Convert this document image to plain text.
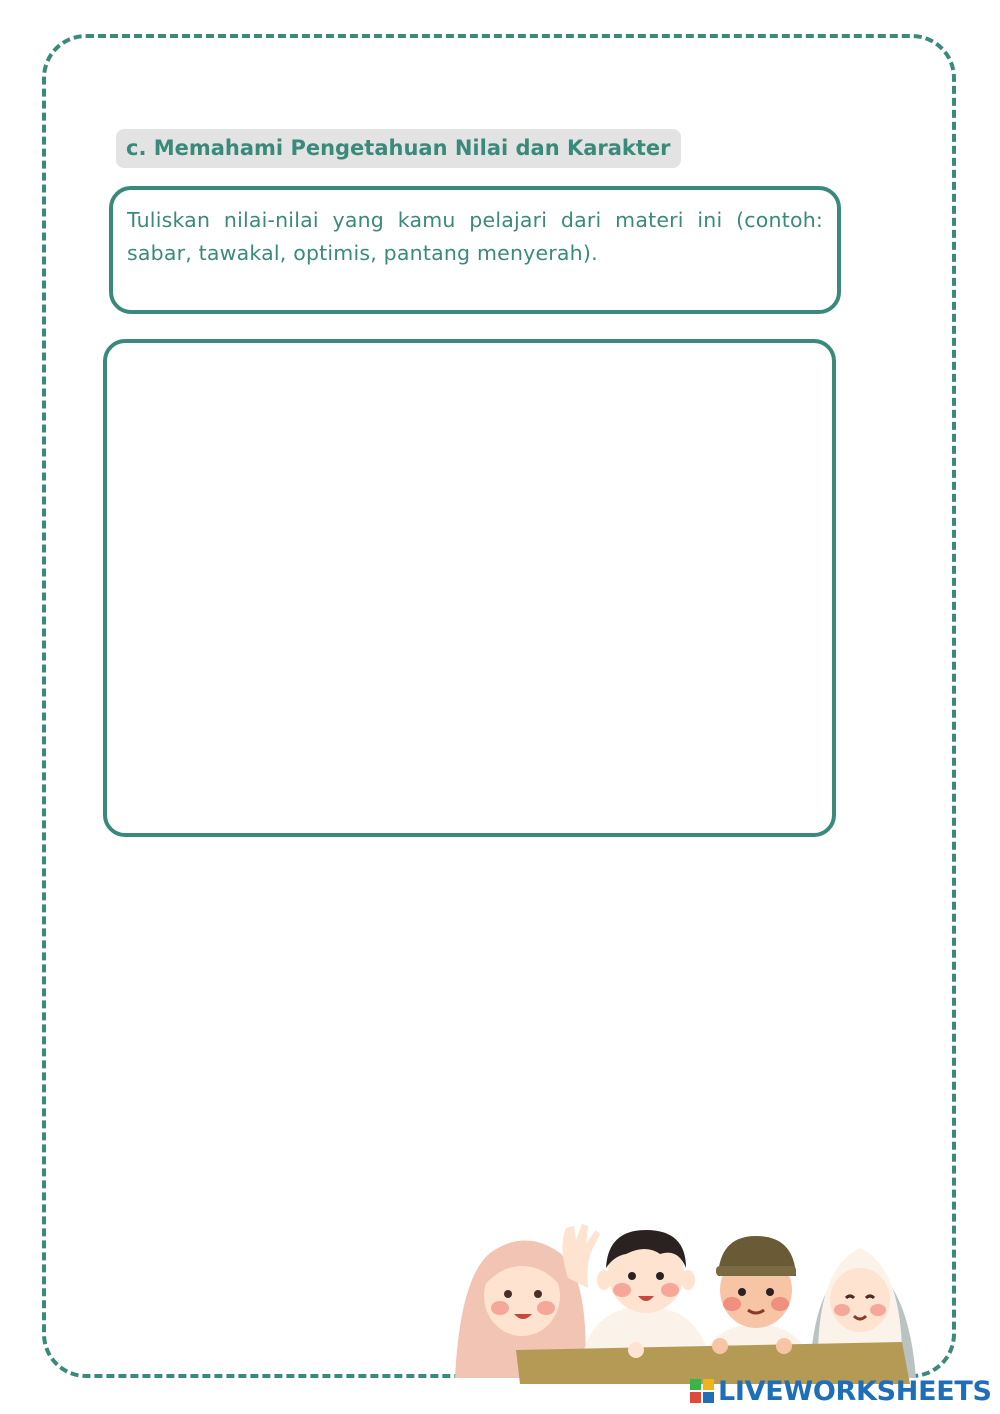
c. Memahami Pengetahuan Nilai dan Karakter

Tuliskan nilai-nilai yang kamu pelajari dari materi ini (contoh: sabar, tawakal, optimis, pantang menyerah).

LIVEWORKSHEETS
